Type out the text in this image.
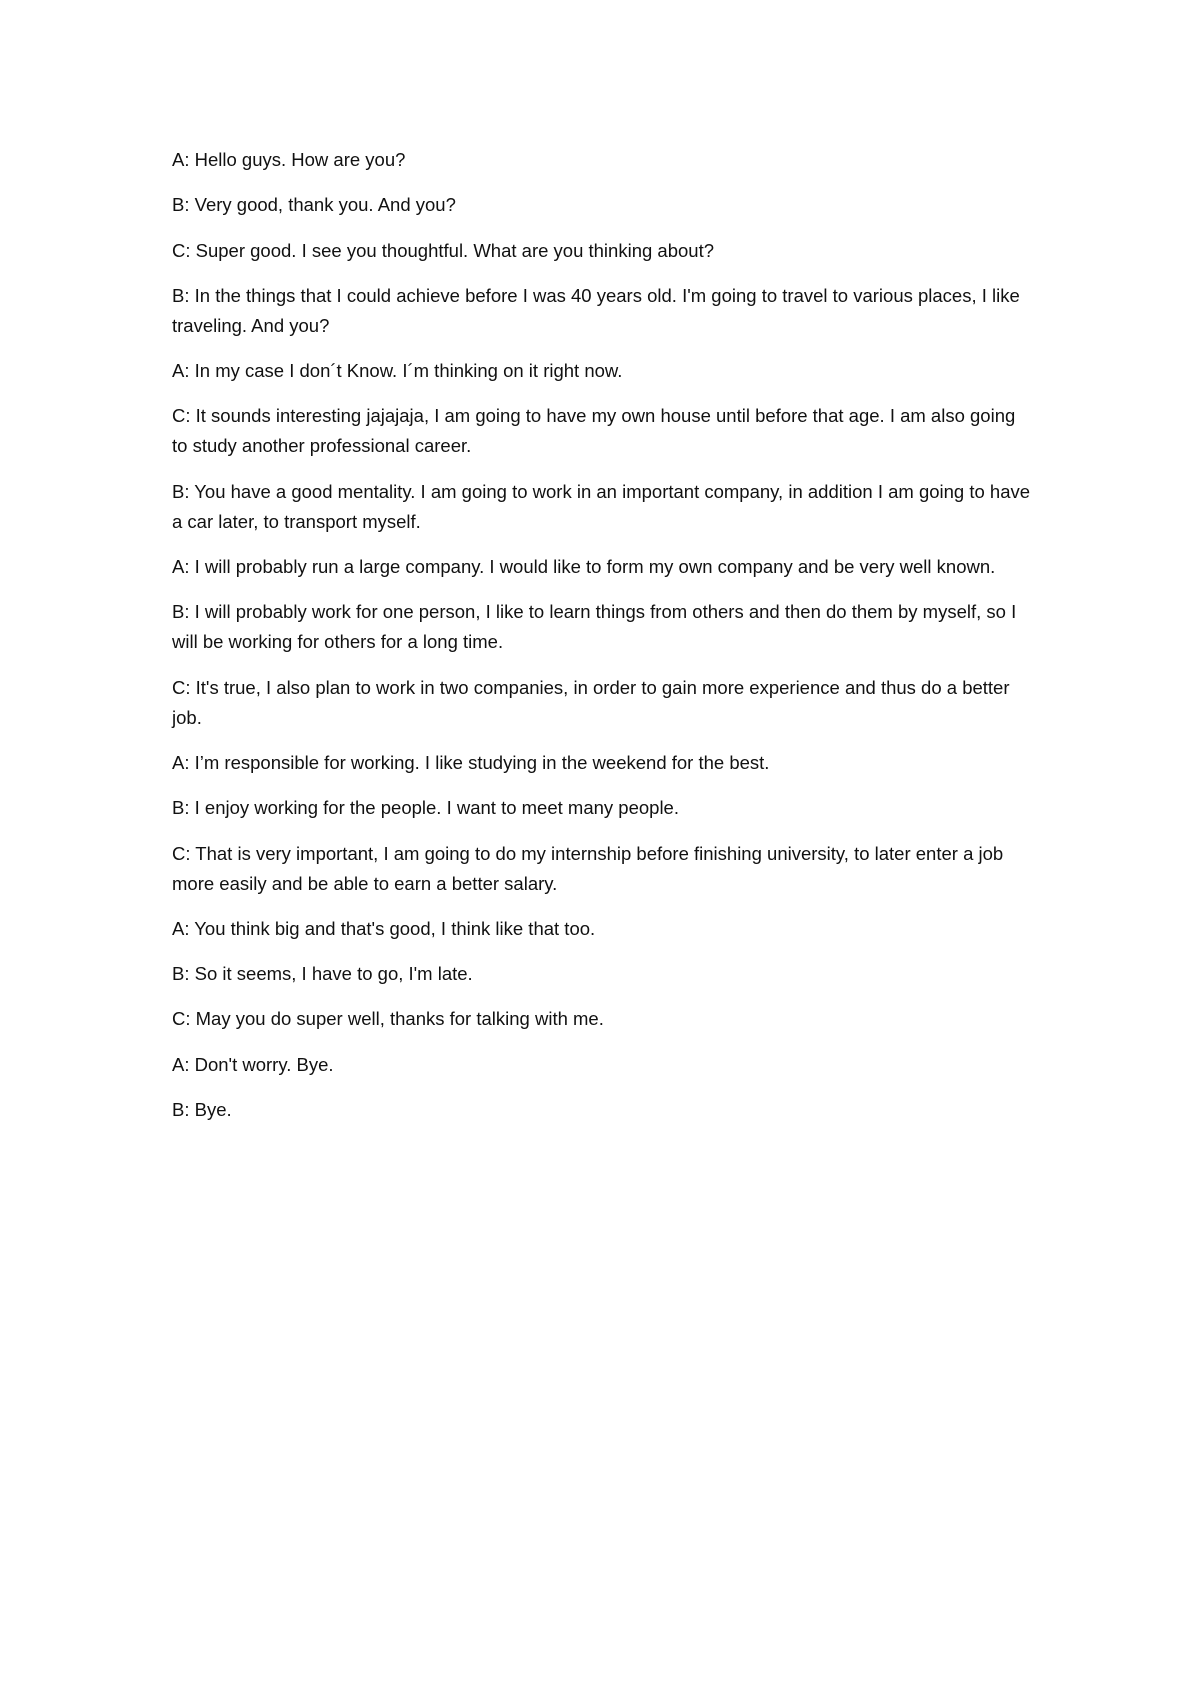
A: Hello guys. How are you?

B: Very good, thank you. And you?

C: Super good. I see you thoughtful. What are you thinking about?

B: In the things that I could achieve before I was 40 years old. I'm going to travel to various places, I like traveling. And you?

A: In my case I don´t Know. I´m thinking on it right now.

C: It sounds interesting jajajaja, I am going to have my own house until before that age. I am also going to study another professional career.

B: You have a good mentality. I am going to work in an important company, in addition I am going to have a car later, to transport myself.

A: I will probably run a large company. I would like to form my own company and be very well known.

B: I will probably work for one person, I like to learn things from others and then do them by myself, so I will be working for others for a long time.

C: It's true, I also plan to work in two companies, in order to gain more experience and thus do a better job.

A: I’m responsible for working. I like studying in the weekend for the best.

B: I enjoy working for the people. I want to meet many people.

C: That is very important, I am going to do my internship before finishing university, to later enter a job more easily and be able to earn a better salary.

A: You think big and that's good, I think like that too.

B: So it seems, I have to go, I'm late.

C: May you do super well, thanks for talking with me.

A: Don't worry. Bye.

B: Bye.
